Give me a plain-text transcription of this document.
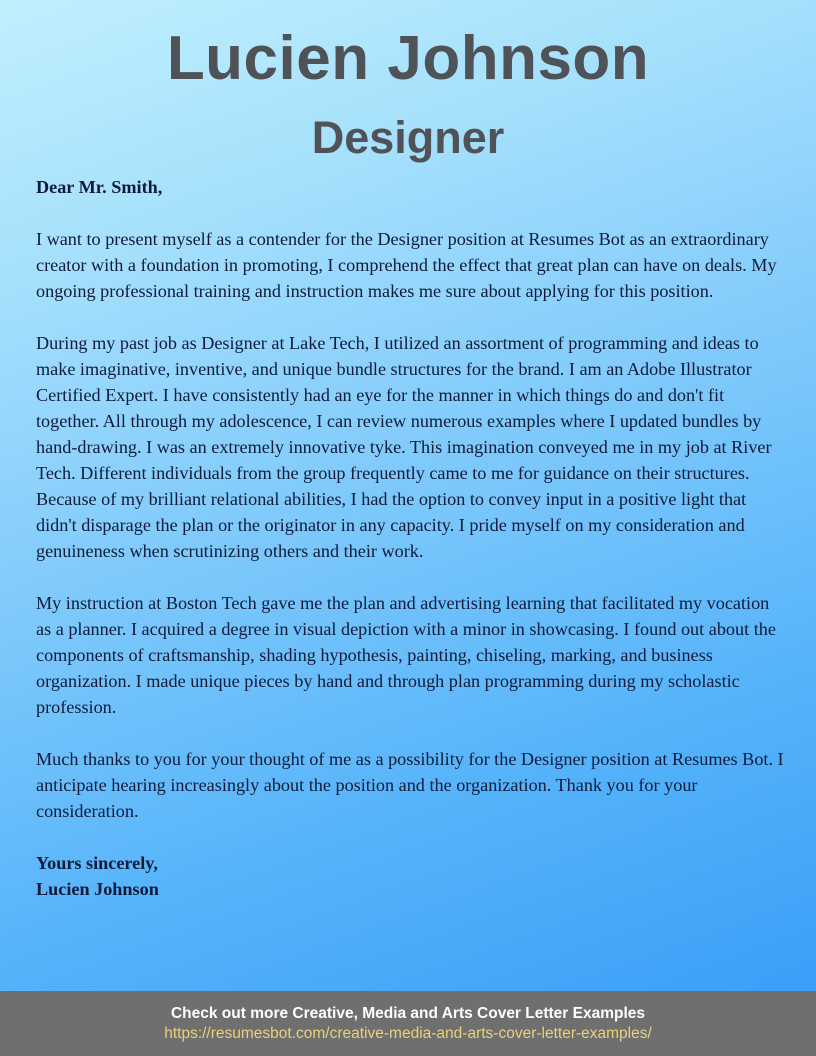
Lucien Johnson
Designer

Dear Mr. Smith,

I want to present myself as a contender for the Designer position at Resumes Bot as an extraordinary creator with a foundation in promoting, I comprehend the effect that great plan can have on deals. My ongoing professional training and instruction makes me sure about applying for this position.

During my past job as Designer at Lake Tech, I utilized an assortment of programming and ideas to make imaginative, inventive, and unique bundle structures for the brand. I am an Adobe Illustrator Certified Expert. I have consistently had an eye for the manner in which things do and don't fit together. All through my adolescence, I can review numerous examples where I updated bundles by hand-drawing. I was an extremely innovative tyke. This imagination conveyed me in my job at River Tech. Different individuals from the group frequently came to me for guidance on their structures. Because of my brilliant relational abilities, I had the option to convey input in a positive light that didn't disparage the plan or the originator in any capacity. I pride myself on my consideration and genuineness when scrutinizing others and their work.

My instruction at Boston Tech gave me the plan and advertising learning that facilitated my vocation as a planner. I acquired a degree in visual depiction with a minor in showcasing. I found out about the components of craftsmanship, shading hypothesis, painting, chiseling, marking, and business organization. I made unique pieces by hand and through plan programming during my scholastic profession.

Much thanks to you for your thought of me as a possibility for the Designer position at Resumes Bot. I anticipate hearing increasingly about the position and the organization. Thank you for your consideration.

Yours sincerely,

Lucien Johnson

Check out more Creative, Media and Arts Cover Letter Examples
https://resumesbot.com/creative-media-and-arts-cover-letter-examples/
